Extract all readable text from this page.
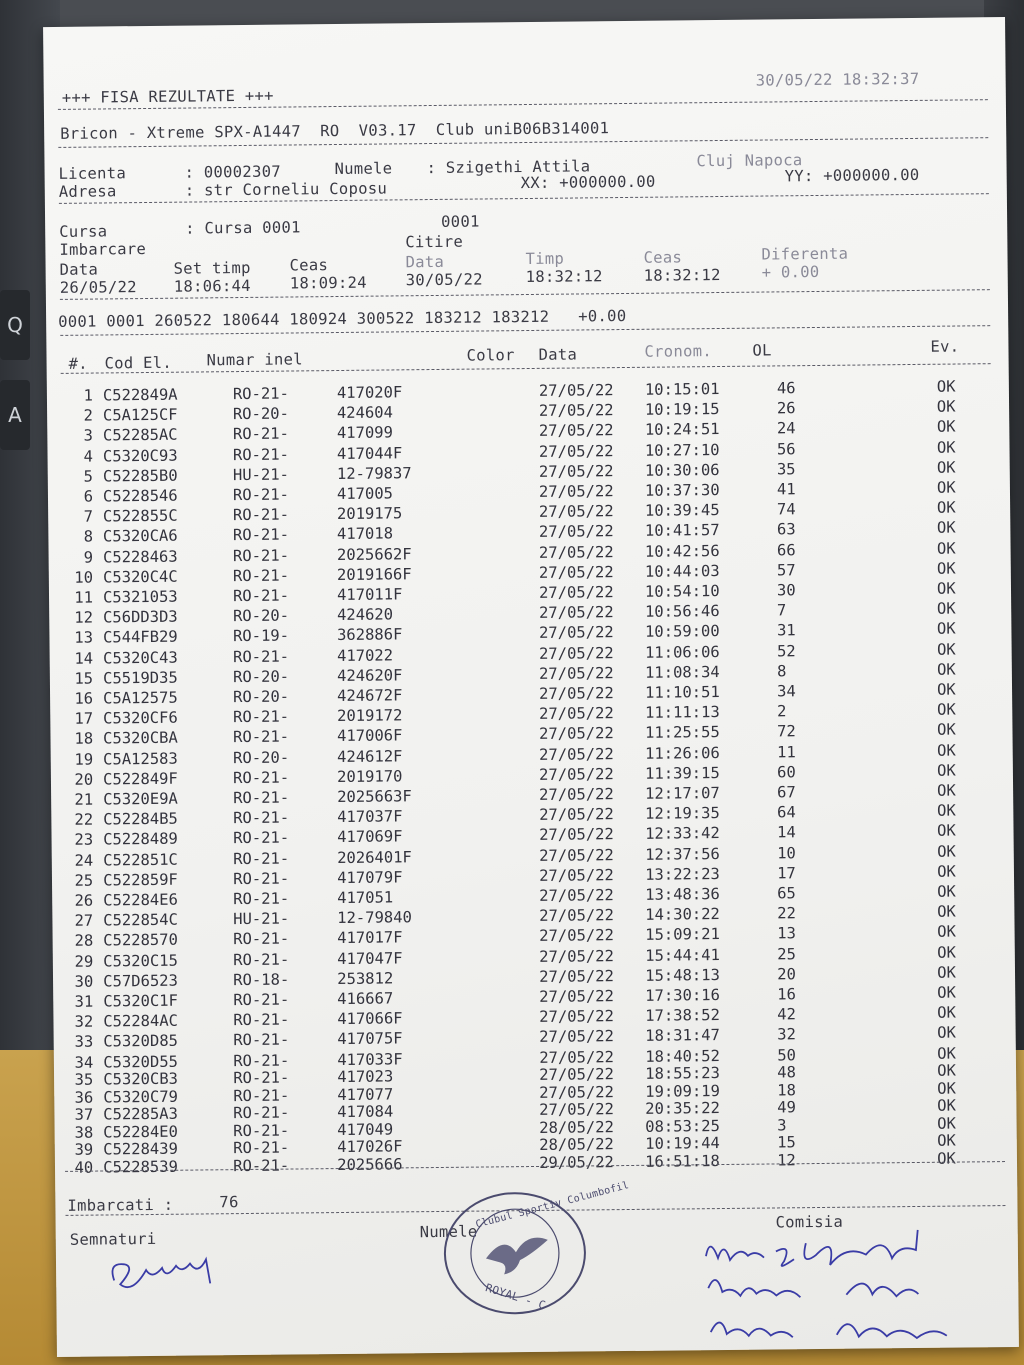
Q
A
+++ FISA REZULTATE +++
30/05/22 18:32:37
Bricon - Xtreme SPX-A1447  RO  V03.17  Club uniB06B314001
Licenta	: 00002307	Numele : Szigethi Attila	Cluj Napoca
Adresa	: str Corneliu Coposu	XX: +000000.00	YY: +000000.00
Cursa	: Cursa 0001	0001
Imbarcare	Citire
Data	Set timp Ceas	Data	Timp	Ceas	Diferenta
26/05/22 18:06:44 18:09:24 30/05/22	18:32:12	18:32:12	+ 0.00
0001 0001 260522 180644 180924 300522 183212 183212   +0.00
#. Cod El. Numar inel	Color Data	Cronom.	OL	Ev.
1 C522849A	RO-21-	417020F	27/05/22 10:15:01	46	OK
2 C5A125CF	RO-20-	424604	27/05/22 10:19:15	26	OK
3 C52285AC	RO-21-	417099	27/05/22 10:24:51	24	OK
4 C5320C93	RO-21-	417044F	27/05/22 10:27:10	56	OK
5 C52285B0	HU-21-	12-79837	27/05/22 10:30:06	35	OK
6 C5228546	RO-21-	417005	27/05/22 10:37:30	41	OK
7 C522855C	RO-21-	2019175	27/05/22 10:39:45	74	OK
8 C5320CA6	RO-21-	417018	27/05/22 10:41:57	63	OK
9 C5228463	RO-21-	2025662F	27/05/22 10:42:56	66	OK
10 C5320C4C	RO-21-	2019166F	27/05/22 10:44:03	57	OK
11 C5321053	RO-21-	417011F	27/05/22 10:54:10	30	OK
12 C56DD3D3	RO-20-	424620	27/05/22 10:56:46	7	OK
13 C544FB29	RO-19-	362886F	27/05/22 10:59:00	31	OK
14 C5320C43	RO-21-	417022	27/05/22 11:06:06	52	OK
15 C5519D35	RO-20-	424620F	27/05/22 11:08:34	8	OK
16 C5A12575	RO-20-	424672F	27/05/22 11:10:51	34	OK
17 C5320CF6	RO-21-	2019172	27/05/22 11:11:13	2	OK
18 C5320CBA	RO-21-	417006F	27/05/22 11:25:55	72	OK
19 C5A12583	RO-20-	424612F	27/05/22 11:26:06	11	OK
20 C522849F	RO-21-	2019170	27/05/22 11:39:15	60	OK
21 C5320E9A	RO-21-	2025663F	27/05/22 12:17:07	67	OK
22 C52284B5	RO-21-	417037F	27/05/22 12:19:35	64	OK
23 C5228489	RO-21-	417069F	27/05/22 12:33:42	14	OK
24 C522851C	RO-21-	2026401F	27/05/22 12:37:56	10	OK
25 C522859F	RO-21-	417079F	27/05/22 13:22:23	17	OK
26 C52284E6	RO-21-	417051	27/05/22 13:48:36	65	OK
27 C522854C	HU-21-	12-79840	27/05/22 14:30:22	22	OK
28 C5228570	RO-21-	417017F	27/05/22 15:09:21	13	OK
29 C5320C15	RO-21-	417047F	27/05/22 15:44:41	25	OK
30 C57D6523	RO-18-	253812	27/05/22 15:48:13	20	OK
31 C5320C1F	RO-21-	416667	27/05/22 17:30:16	16	OK
32 C52284AC	RO-21-	417066F	27/05/22 17:38:52	42	OK
33 C5320D85	RO-21-	417075F	27/05/22 18:31:47	32	OK
34 C5320D55	RO-21-	417033F	27/05/22 18:40:52	50	OK
35 C5320CB3	RO-21-	417023	27/05/22 18:55:23	48	OK
36 C5320C79	RO-21-	417077	27/05/22 19:09:19	18	OK
37 C52285A3	RO-21-	417084	27/05/22 20:35:22	49	OK
38 C52284E0	RO-21-	417049	28/05/22 08:53:25	3	OK
39 C5228439	RO-21-	417026F	28/05/22 10:19:44	15	OK
40 C5228539	RO-21-	2025666	29/05/22 16:51:18	12	OK
Imbarcati :	76
Semnaturi	Numele
Comisia
Clubul Sportiv Columbofil
ROYAL - C
